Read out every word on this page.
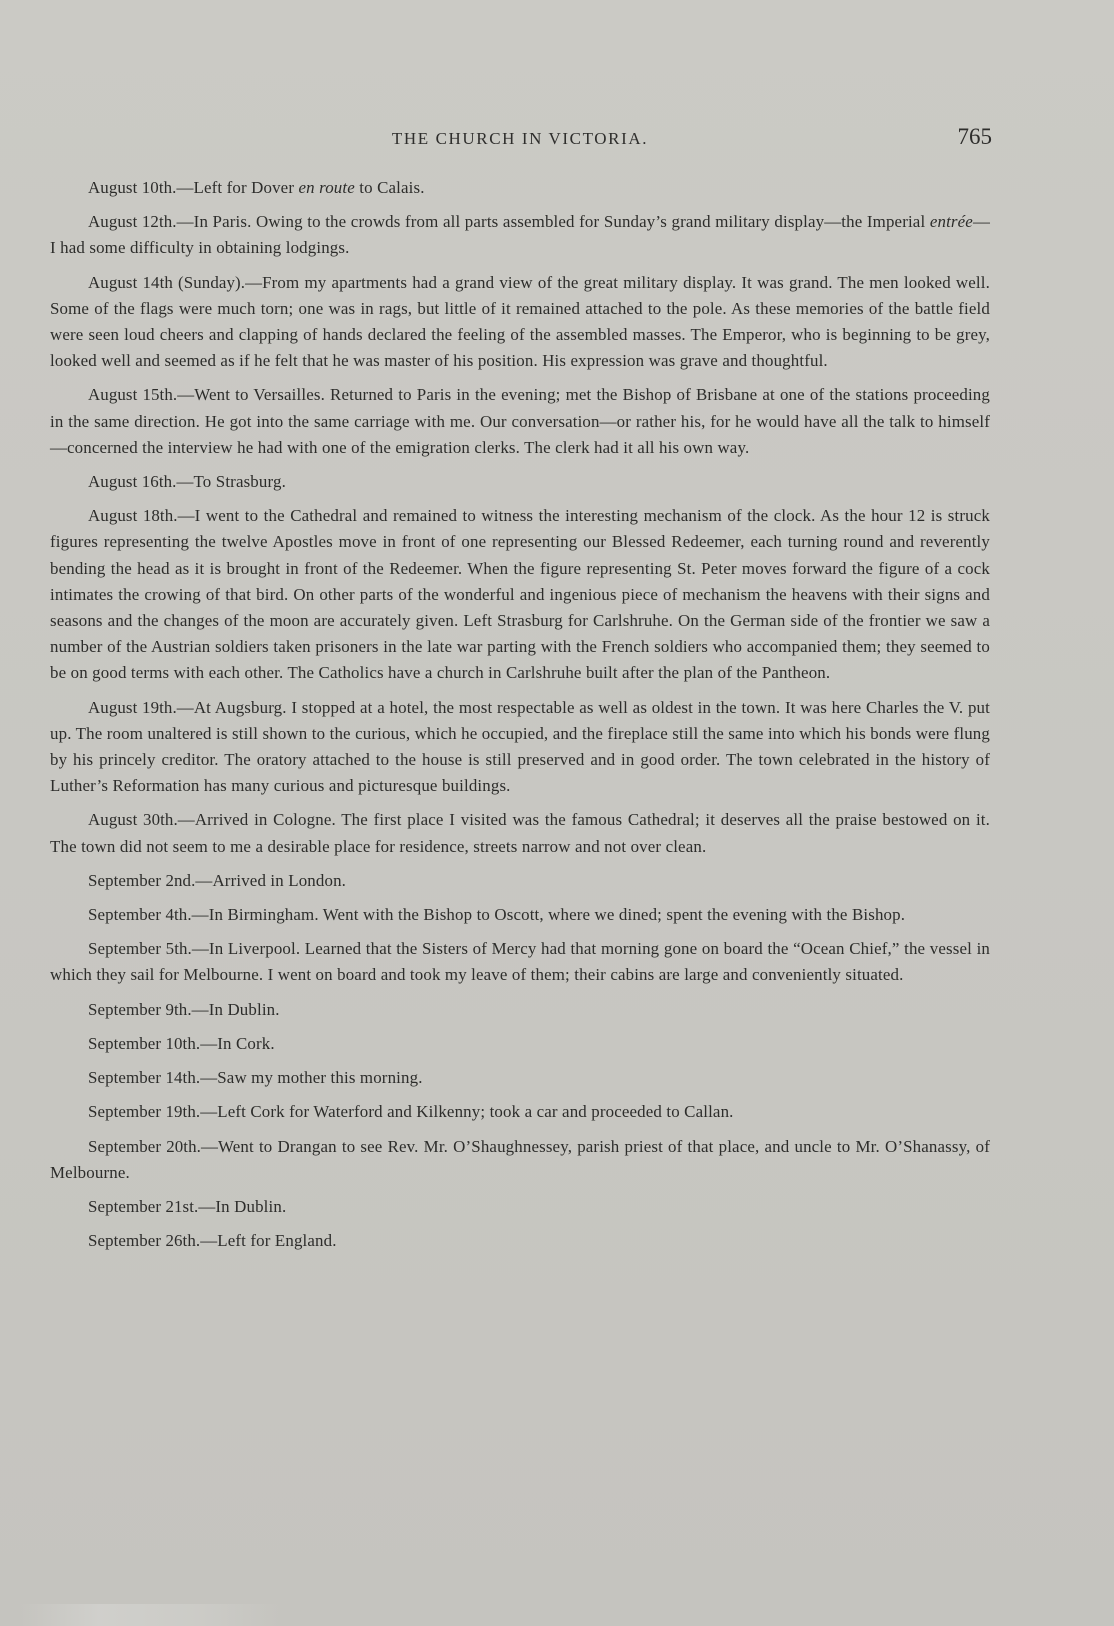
THE CHURCH IN VICTORIA.	765

August 10th.—Left for Dover en route to Calais.

August 12th.—In Paris. Owing to the crowds from all parts assembled for Sunday’s grand military display—the Imperial entrée—I had some difficulty in obtaining lodgings.

August 14th (Sunday).—From my apartments had a grand view of the great military display. It was grand. The men looked well. Some of the flags were much torn; one was in rags, but little of it remained attached to the pole. As these memories of the battle field were seen loud cheers and clapping of hands declared the feeling of the assembled masses. The Emperor, who is beginning to be grey, looked well and seemed as if he felt that he was master of his position. His expression was grave and thoughtful.

August 15th.—Went to Versailles. Returned to Paris in the evening; met the Bishop of Brisbane at one of the stations proceeding in the same direction. He got into the same carriage with me. Our conversation—or rather his, for he would have all the talk to himself—concerned the interview he had with one of the emigration clerks. The clerk had it all his own way.

August 16th.—To Strasburg.

August 18th.—I went to the Cathedral and remained to witness the interesting mechanism of the clock. As the hour 12 is struck figures representing the twelve Apostles move in front of one representing our Blessed Redeemer, each turning round and reverently bending the head as it is brought in front of the Redeemer. When the figure representing St. Peter moves forward the figure of a cock intimates the crowing of that bird. On other parts of the wonderful and ingenious piece of mechanism the heavens with their signs and seasons and the changes of the moon are accurately given. Left Strasburg for Carlshruhe. On the German side of the frontier we saw a number of the Austrian soldiers taken prisoners in the late war parting with the French soldiers who accompanied them; they seemed to be on good terms with each other. The Catholics have a church in Carlshruhe built after the plan of the Pantheon.

August 19th.—At Augsburg. I stopped at a hotel, the most respectable as well as oldest in the town. It was here Charles the V. put up. The room unaltered is still shown to the curious, which he occupied, and the fireplace still the same into which his bonds were flung by his princely creditor. The oratory attached to the house is still preserved and in good order. The town celebrated in the history of Luther’s Reformation has many curious and picturesque buildings.

August 30th.—Arrived in Cologne. The first place I visited was the famous Cathedral; it deserves all the praise bestowed on it. The town did not seem to me a desirable place for residence, streets narrow and not over clean.

September 2nd.—Arrived in London.

September 4th.—In Birmingham. Went with the Bishop to Oscott, where we dined; spent the evening with the Bishop.

September 5th.—In Liverpool. Learned that the Sisters of Mercy had that morning gone on board the “Ocean Chief,” the vessel in which they sail for Melbourne. I went on board and took my leave of them; their cabins are large and conveniently situated.

September 9th.—In Dublin.

September 10th.—In Cork.

September 14th.—Saw my mother this morning.

September 19th.—Left Cork for Waterford and Kilkenny; took a car and proceeded to Callan.

September 20th.—Went to Drangan to see Rev. Mr. O’Shaughnessey, parish priest of that place, and uncle to Mr. O’Shanassy, of Melbourne.

September 21st.—In Dublin.

September 26th.—Left for England.
